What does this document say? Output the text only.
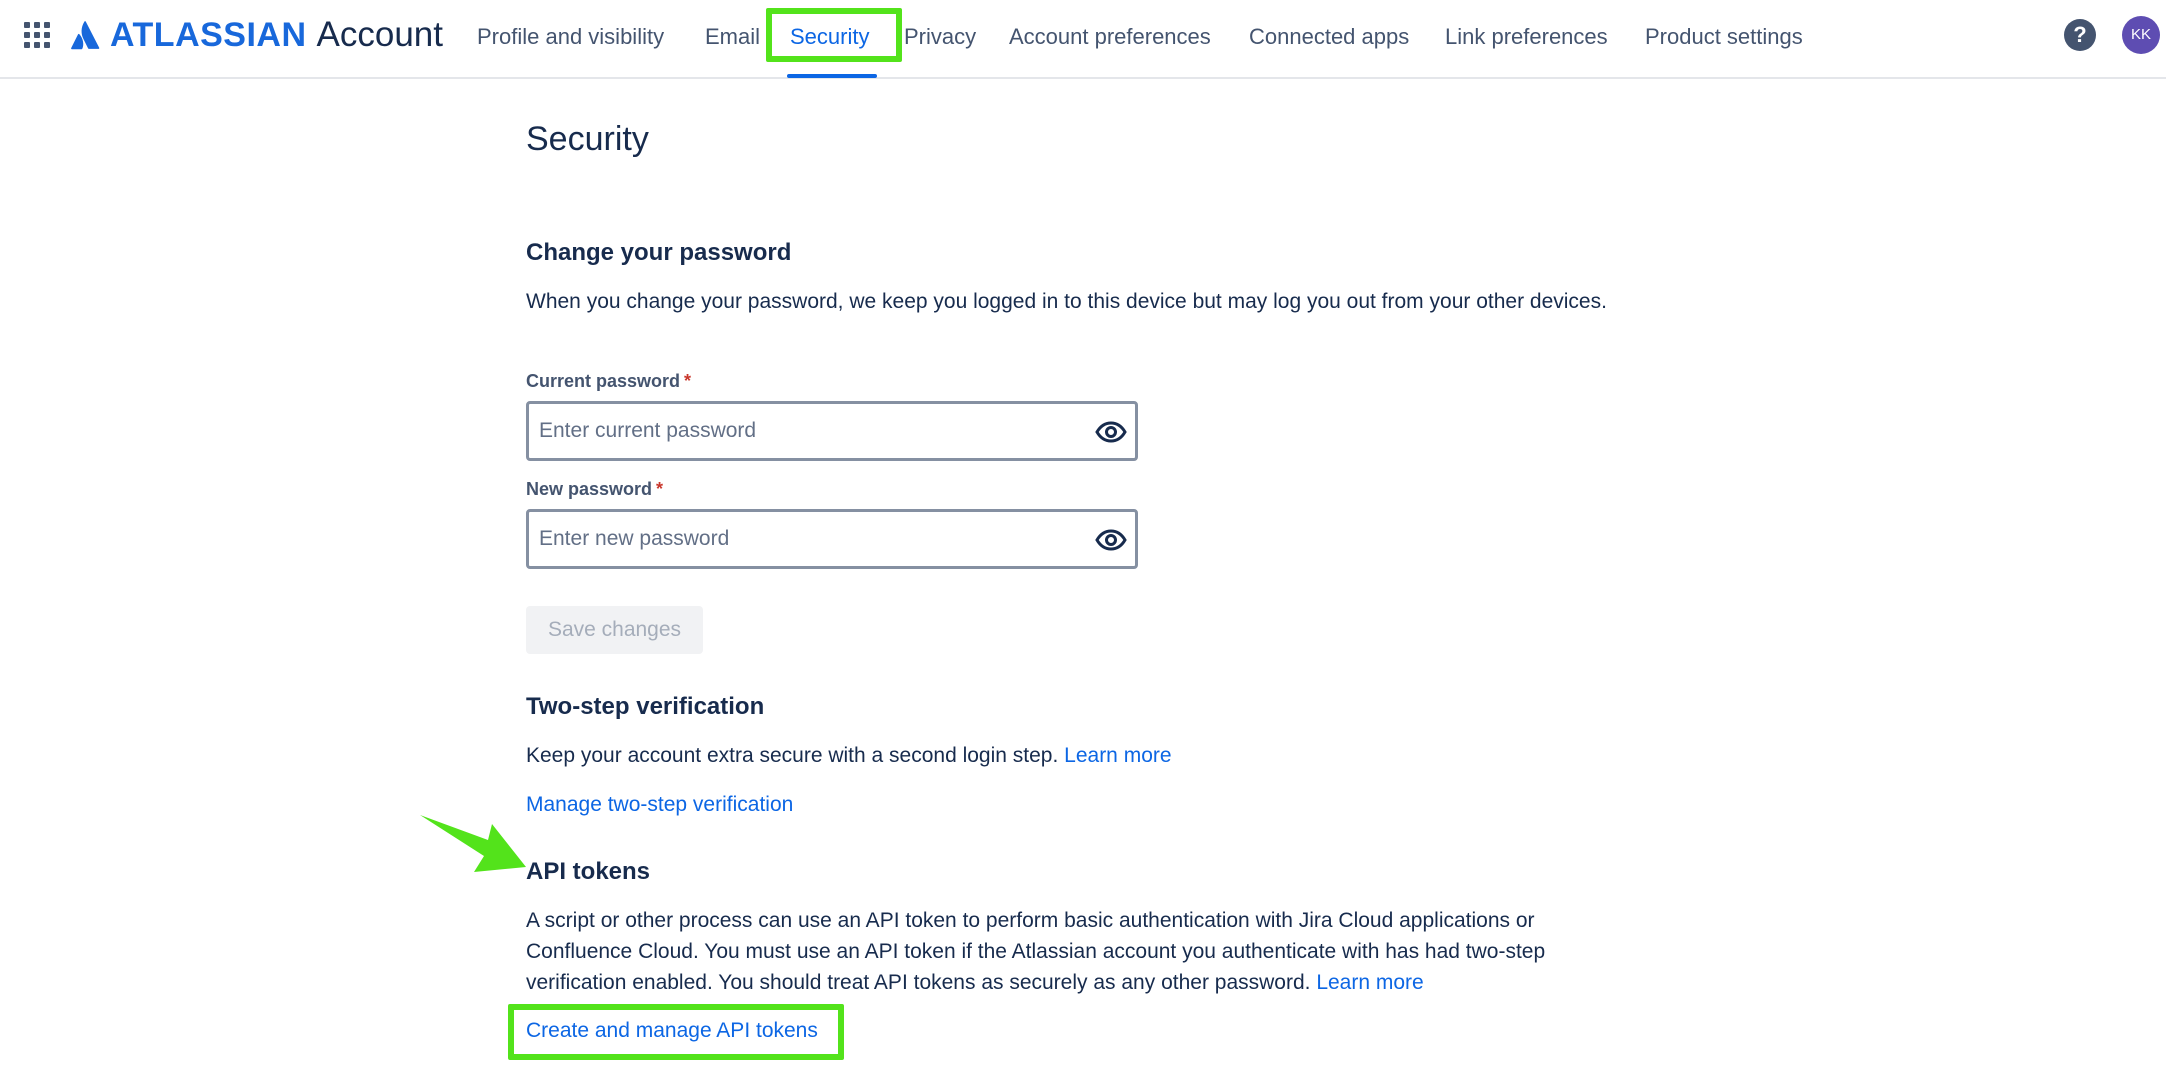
ATLASSIAN Account Profile and visibility Email Security Privacy Account preferences Connected apps Link preferences Product settings	?	KK
Security
Change your password

When you change your password, we keep you logged in to this device but may log you out from your other devices.

Current password *
New password *
Save changes
Two-step verification

Keep your account extra secure with a second login step. Learn more

Manage two-step verification

API tokens

A script or other process can use an API token to perform basic authentication with Jira Cloud applications or Confluence Cloud. You must use an API token if the Atlassian account you authenticate with has had two-step verification enabled. You should treat API tokens as securely as any other password. Learn more

Create and manage API tokens
